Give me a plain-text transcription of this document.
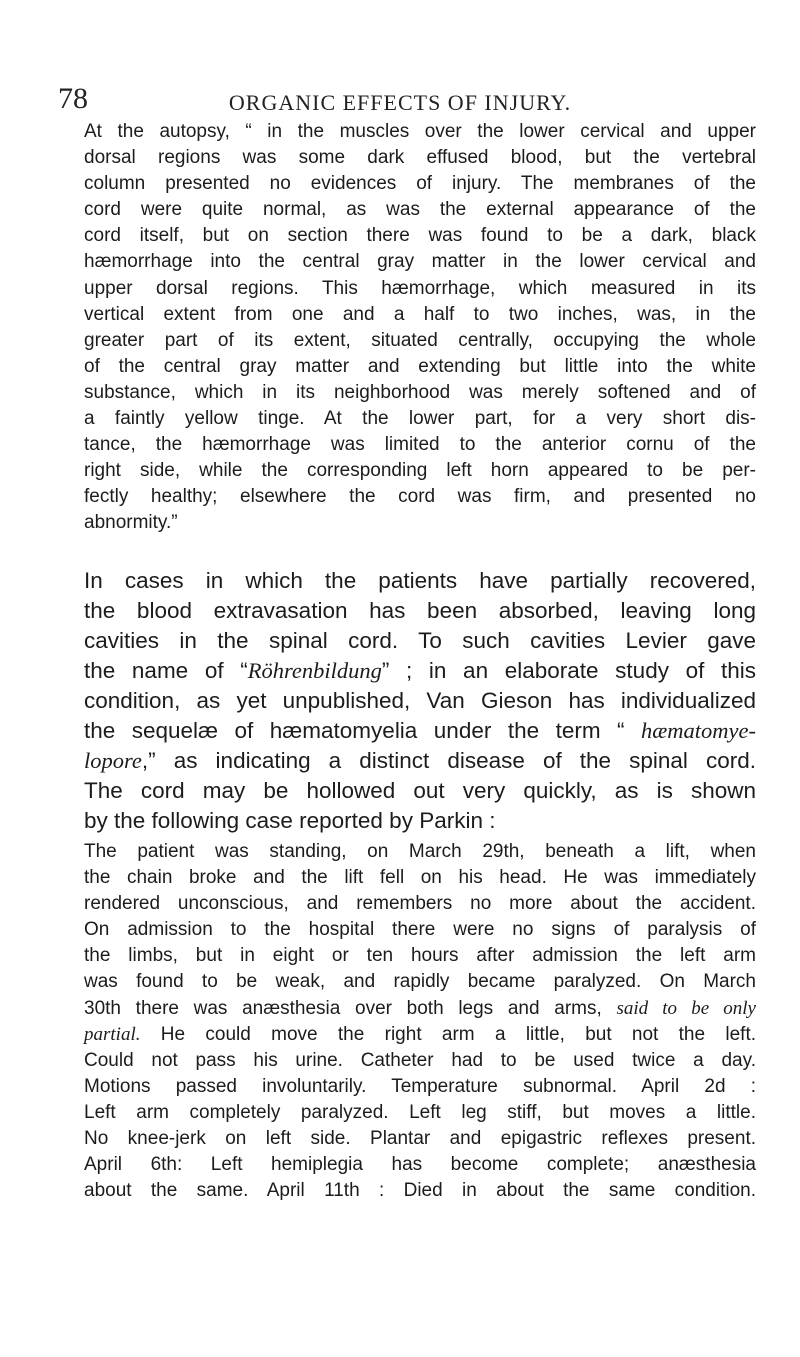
78	ORGANIC EFFECTS OF INJURY.
At the autopsy, “ in the muscles over the lower cervical and upper
dorsal regions was some dark effused blood, but the vertebral
column presented no evidences of injury. The membranes of the
cord were quite normal, as was the external appearance of the
cord itself, but on section there was found to be a dark, black
hæmorrhage into the central gray matter in the lower cervical and
upper dorsal regions. This hæmorrhage, which measured in its
vertical extent from one and a half to two inches, was, in the
greater part of its extent, situated centrally, occupying the whole
of the central gray matter and extending but little into the white
substance, which in its neighborhood was merely softened and of
a faintly yellow tinge. At the lower part, for a very short dis-
tance, the hæmorrhage was limited to the anterior cornu of the
right side, while the corresponding left horn appeared to be per-
fectly healthy; elsewhere the cord was firm, and presented no
abnormity.”
In cases in which the patients have partially recovered,
the blood extravasation has been absorbed, leaving long
cavities in the spinal cord. To such cavities Levier gave
the name of “Röhrenbildung” ; in an elaborate study of this
condition, as yet unpublished, Van Gieson has individualized
the sequelæ of hæmatomyelia under the term “ hæmatomye-
lopore,” as indicating a distinct disease of the spinal cord.
The cord may be hollowed out very quickly, as is shown
by the following case reported by Parkin :
The patient was standing, on March 29th, beneath a lift, when
the chain broke and the lift fell on his head. He was immediately
rendered unconscious, and remembers no more about the accident.
On admission to the hospital there were no signs of paralysis of
the limbs, but in eight or ten hours after admission the left arm
was found to be weak, and rapidly became paralyzed. On March
30th there was anæsthesia over both legs and arms, said to be only
partial. He could move the right arm a little, but not the left.
Could not pass his urine. Catheter had to be used twice a day.
Motions passed involuntarily. Temperature subnormal. April 2d :
Left arm completely paralyzed. Left leg stiff, but moves a little.
No knee-jerk on left side. Plantar and epigastric reflexes present.
April 6th: Left hemiplegia has become complete; anæsthesia
about the same. April 11th : Died in about the same condition.
